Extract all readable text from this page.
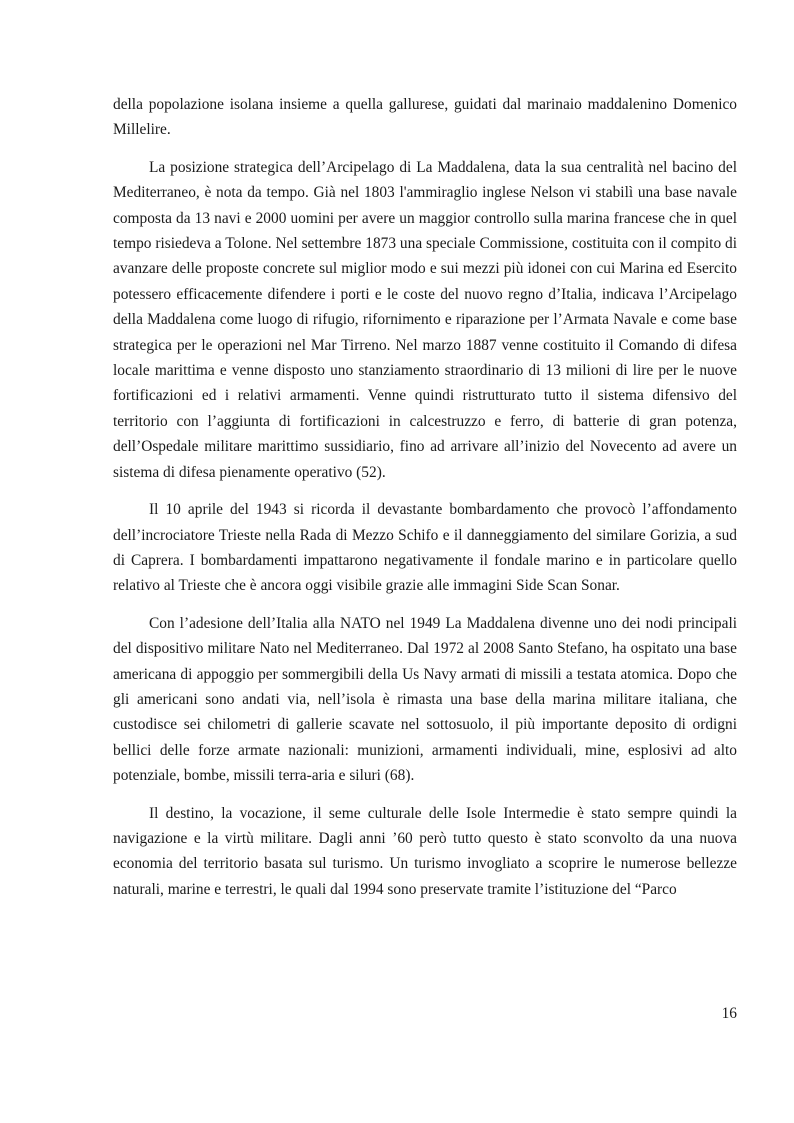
della popolazione isolana insieme a quella gallurese, guidati dal marinaio maddalenino Domenico Millelire.

La posizione strategica dell’Arcipelago di La Maddalena, data la sua centralità nel bacino del Mediterraneo, è nota da tempo. Già nel 1803 l'ammiraglio inglese Nelson vi stabilì una base navale composta da 13 navi e 2000 uomini per avere un maggior controllo sulla marina francese che in quel tempo risiedeva a Tolone. Nel settembre 1873 una speciale Commissione, costituita con il compito di avanzare delle proposte concrete sul miglior modo e sui mezzi più idonei con cui Marina ed Esercito potessero efficacemente difendere i porti e le coste del nuovo regno d’Italia, indicava l’Arcipelago della Maddalena come luogo di rifugio, rifornimento e riparazione per l’Armata Navale e come base strategica per le operazioni nel Mar Tirreno. Nel marzo 1887 venne costituito il Comando di difesa locale marittima e venne disposto uno stanziamento straordinario di 13 milioni di lire per le nuove fortificazioni ed i relativi armamenti. Venne quindi ristrutturato tutto il sistema difensivo del territorio con l’aggiunta di fortificazioni in calcestruzzo e ferro, di batterie di gran potenza, dell’Ospedale militare marittimo sussidiario, fino ad arrivare all’inizio del Novecento ad avere un sistema di difesa pienamente operativo (52).

Il 10 aprile del 1943 si ricorda il devastante bombardamento che provocò l’affondamento dell’incrociatore Trieste nella Rada di Mezzo Schifo e il danneggiamento del similare Gorizia, a sud di Caprera. I bombardamenti impattarono negativamente il fondale marino e in particolare quello relativo al Trieste che è ancora oggi visibile grazie alle immagini Side Scan Sonar.

Con l’adesione dell’Italia alla NATO nel 1949 La Maddalena divenne uno dei nodi principali del dispositivo militare Nato nel Mediterraneo. Dal 1972 al 2008 Santo Stefano, ha ospitato una base americana di appoggio per sommergibili della Us Navy armati di missili a testata atomica. Dopo che gli americani sono andati via, nell’isola è rimasta una base della marina militare italiana, che custodisce sei chilometri di gallerie scavate nel sottosuolo, il più importante deposito di ordigni bellici delle forze armate nazionali: munizioni, armamenti individuali, mine, esplosivi ad alto potenziale, bombe, missili terra-aria e siluri (68).

Il destino, la vocazione, il seme culturale delle Isole Intermedie è stato sempre quindi la navigazione e la virtù militare. Dagli anni ’60 però tutto questo è stato sconvolto da una nuova economia del territorio basata sul turismo. Un turismo invogliato a scoprire le numerose bellezze naturali, marine e terrestri, le quali dal 1994 sono preservate tramite l’istituzione del “Parco

16
